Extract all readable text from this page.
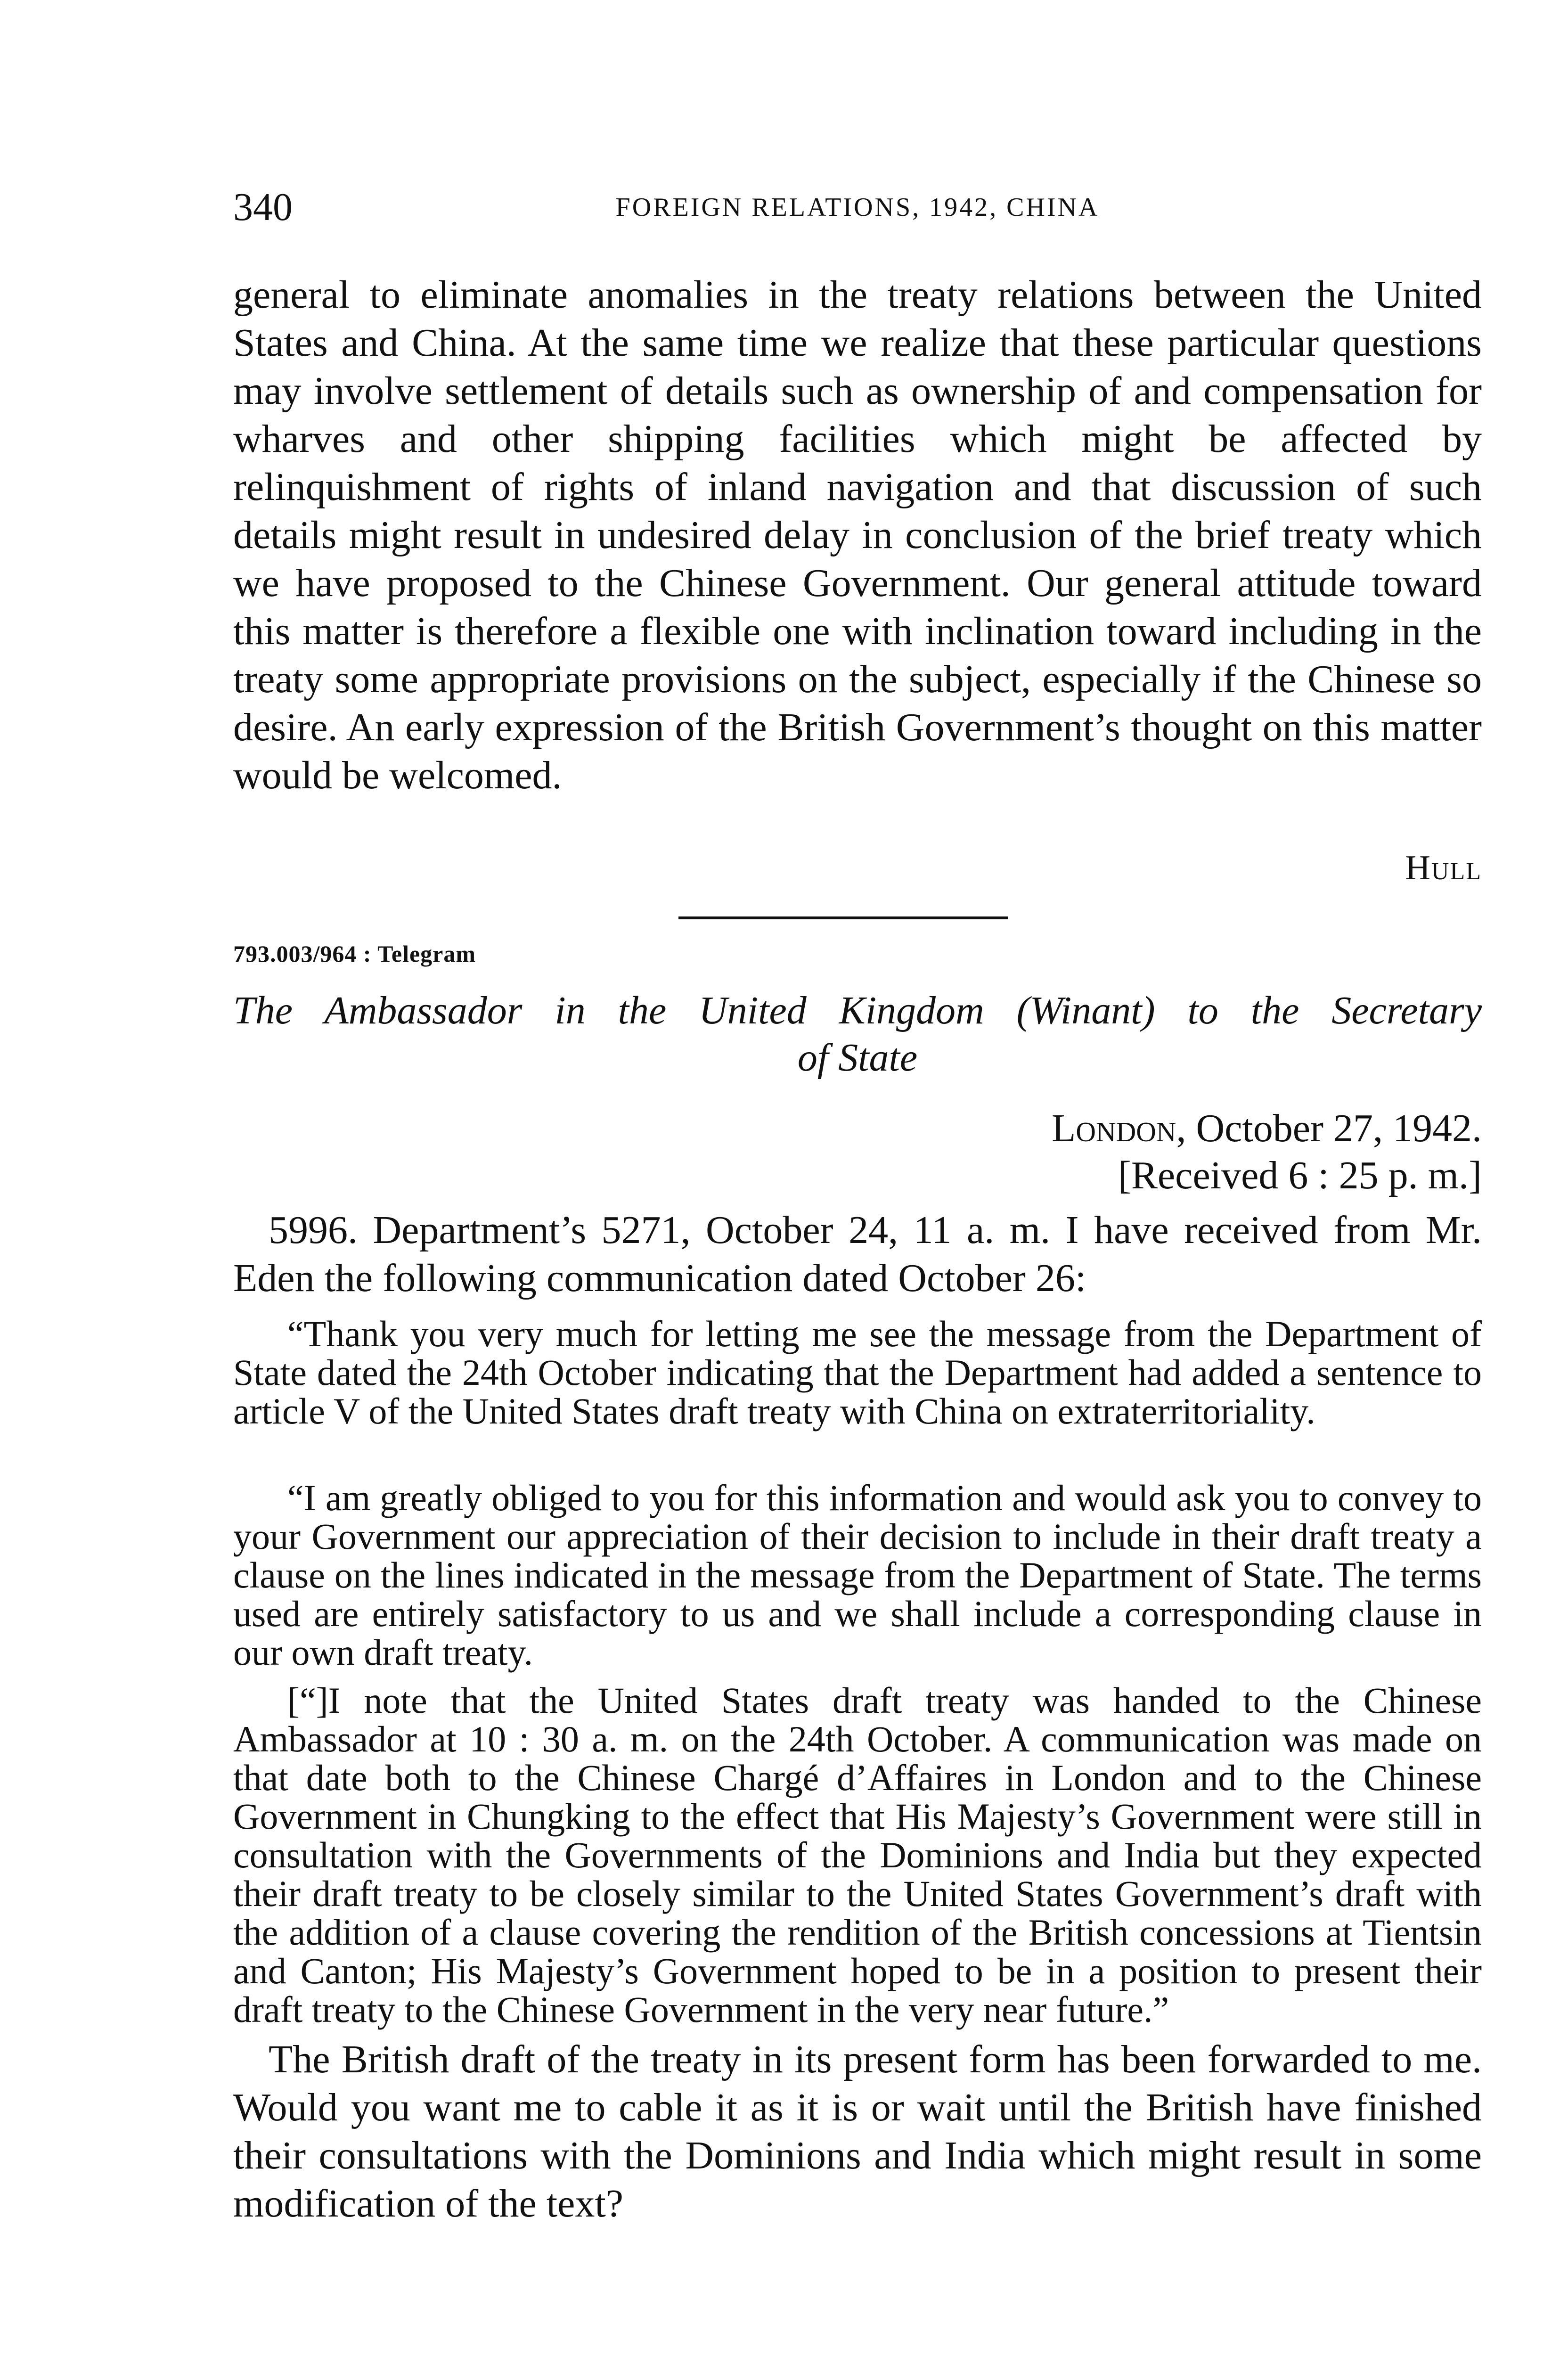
340	FOREIGN RELATIONS, 1942, CHINA

general to eliminate anomalies in the treaty relations between the United States and China. At the same time we realize that these particular questions may involve settlement of details such as ownership of and compensation for wharves and other shipping facilities which might be affected by relinquishment of rights of inland navigation and that discussion of such details might result in undesired delay in conclusion of the brief treaty which we have proposed to the Chinese Government. Our general attitude toward this matter is therefore a flexible one with inclination toward including in the treaty some appropriate provisions on the subject, especially if the Chinese so desire. An early expression of the British Government’s thought on this matter would be welcomed.

Hull
793.003/964 : Telegram
The Ambassador in the United Kingdom (Winant) to the Secretary
of State
London, October 27, 1942.
[Received 6 : 25 p. m.]

5996. Department’s 5271, October 24, 11 a. m. I have received from Mr. Eden the following communication dated October 26:

“Thank you very much for letting me see the message from the Department of State dated the 24th October indicating that the Department had added a sentence to article V of the United States draft treaty with China on extraterritoriality.

“I am greatly obliged to you for this information and would ask you to convey to your Government our appreciation of their decision to include in their draft treaty a clause on the lines indicated in the message from the Department of State. The terms used are entirely satisfactory to us and we shall include a corresponding clause in our own draft treaty.

[“]I note that the United States draft treaty was handed to the Chinese Ambassador at 10 : 30 a. m. on the 24th October. A communication was made on that date both to the Chinese Chargé d’Affaires in London and to the Chinese Government in Chungking to the effect that His Majesty’s Government were still in consultation with the Governments of the Dominions and India but they expected their draft treaty to be closely similar to the United States Government’s draft with the addition of a clause covering the rendition of the British concessions at Tientsin and Canton; His Majesty’s Government hoped to be in a position to present their draft treaty to the Chinese Government in the very near future.”

The British draft of the treaty in its present form has been forwarded to me. Would you want me to cable it as it is or wait until the British have finished their consultations with the Dominions and India which might result in some modification of the text?
